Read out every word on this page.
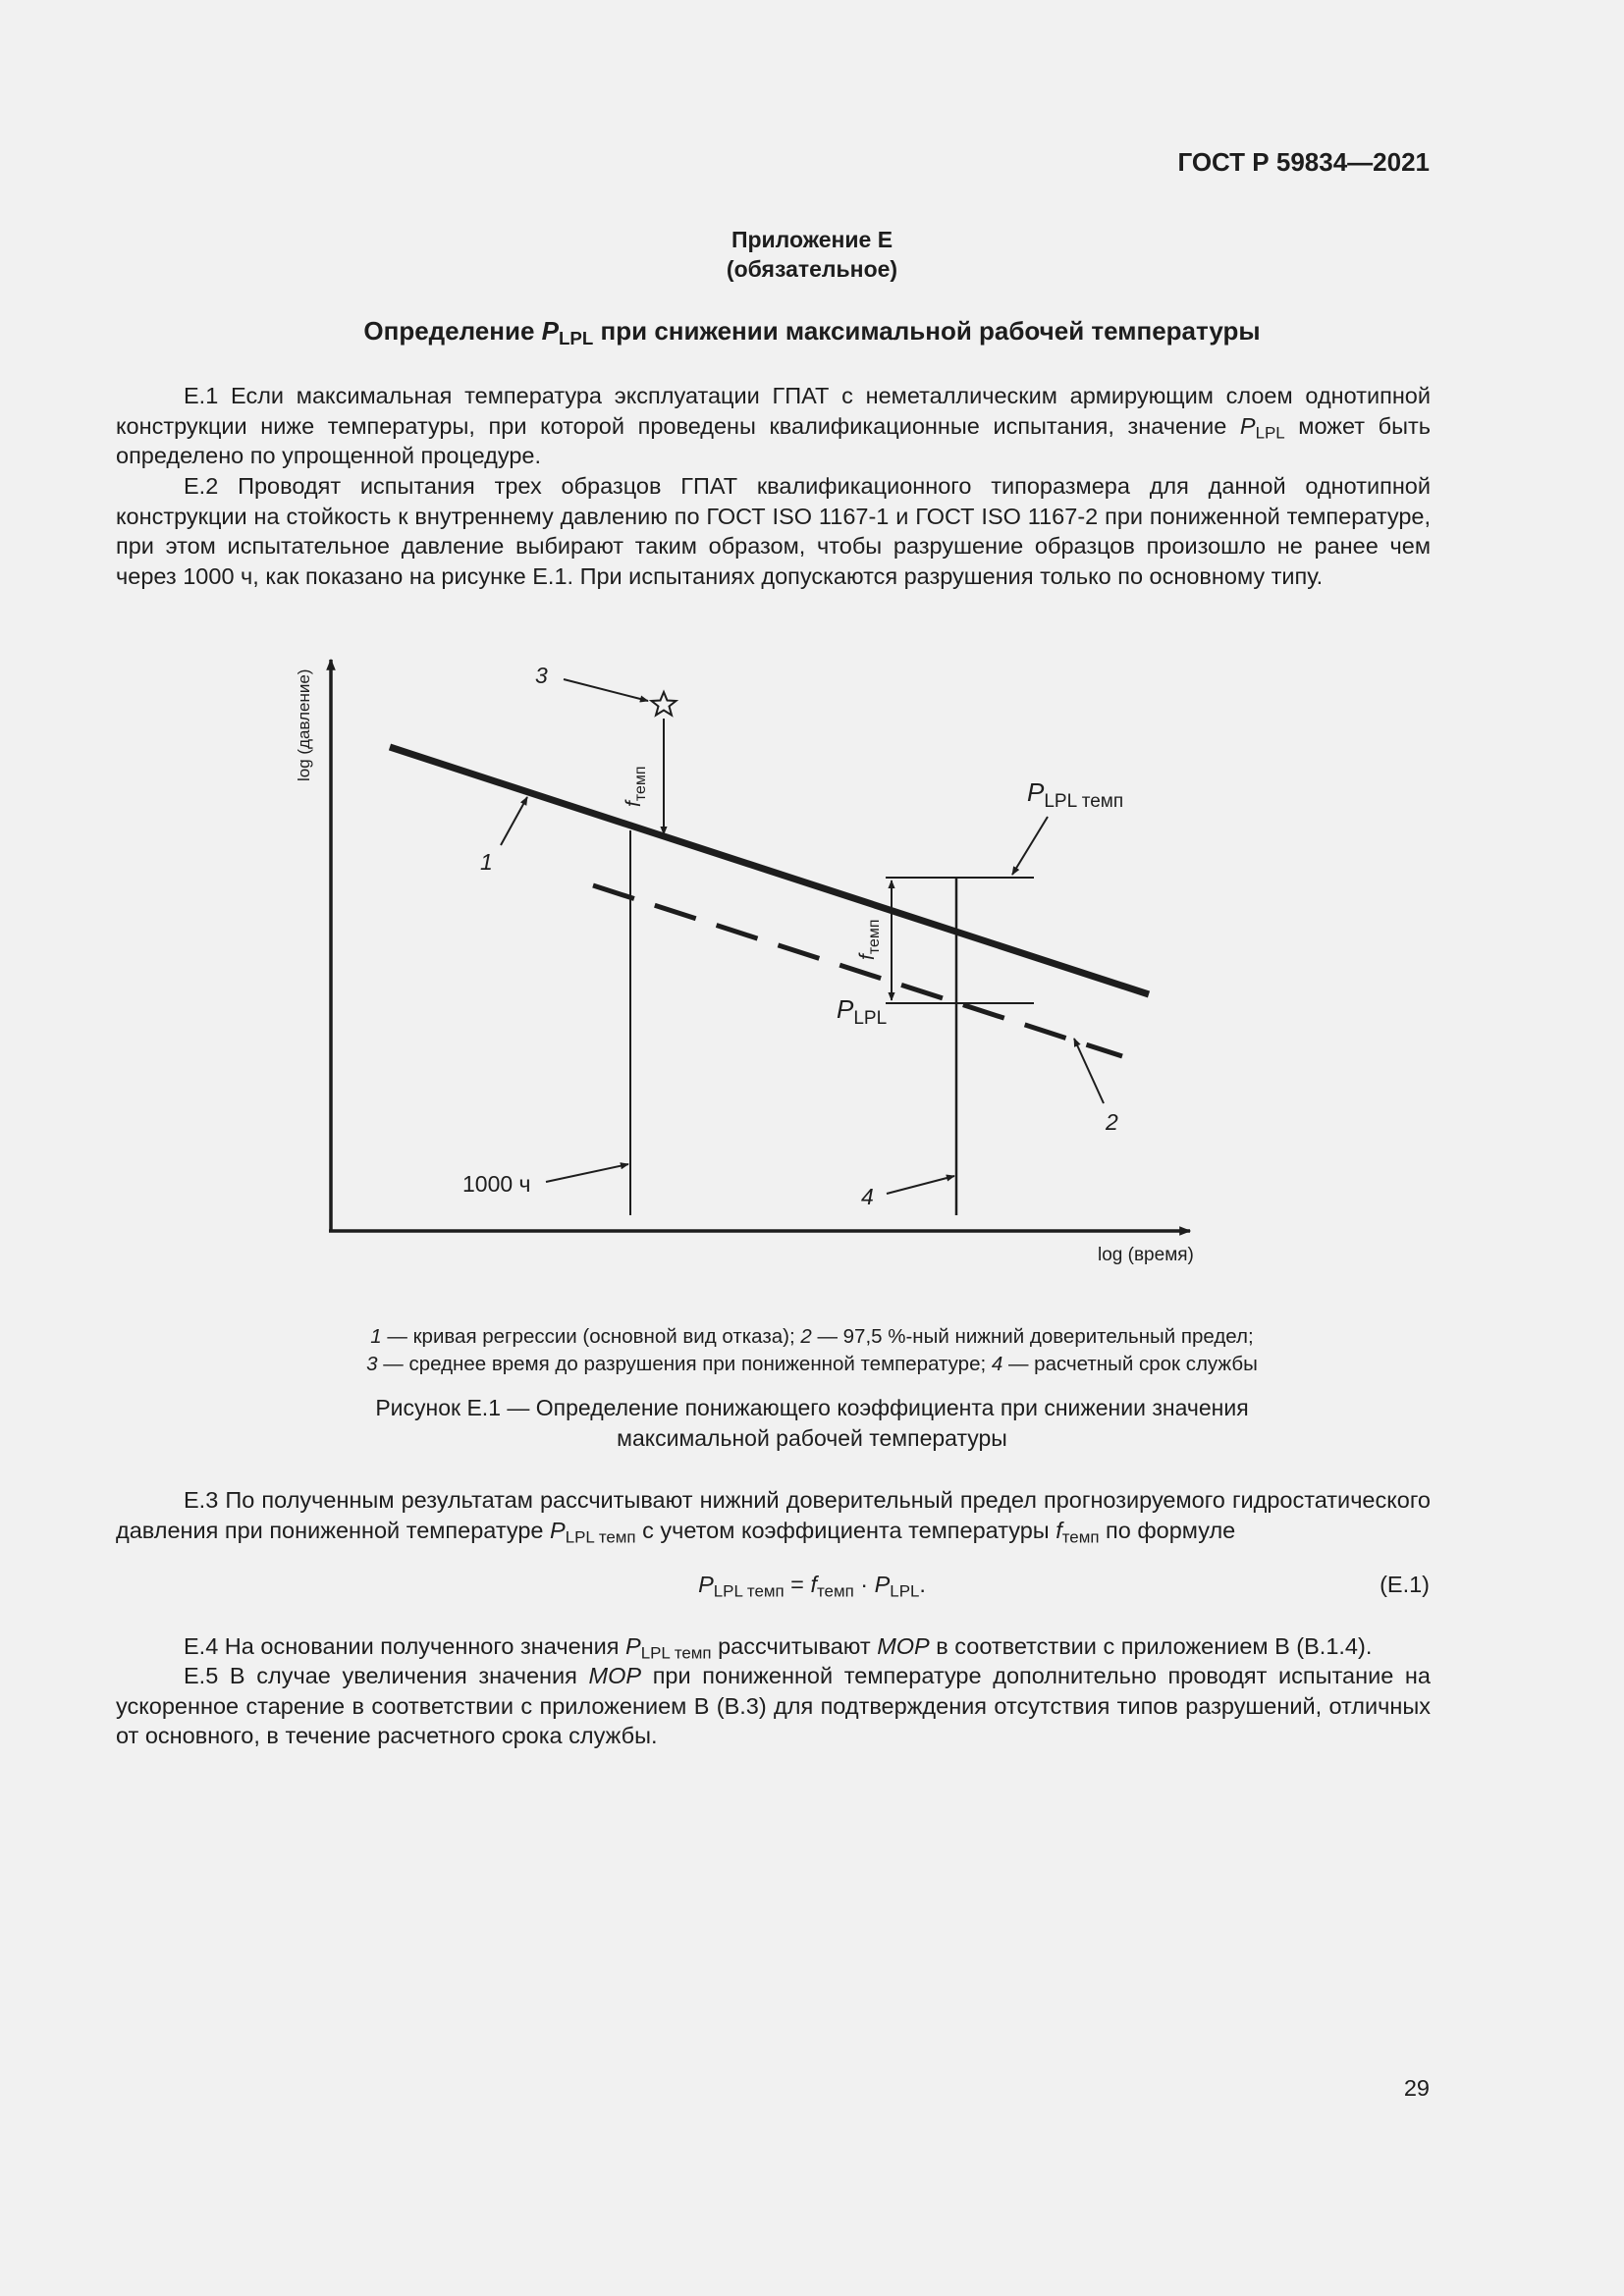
ГОСТ Р 59834—2021
Приложение Е
(обязательное)
Определение $P_{LPL}$ при снижении максимальной рабочей температуры
Е.1 Если максимальная температура эксплуатации ГПАТ с неметаллическим армирующим слоем однотипной конструкции ниже температуры, при которой проведены квалификационные испытания, значение $P_{LPL}$ может быть определено по упрощенной процедуре.
Е.2 Проводят испытания трех образцов ГПАТ квалификационного типоразмера для данной однотипной конструкции на стойкость к внутреннему давлению по ГОСТ ISO 1167-1 и ГОСТ ISO 1167-2 при пониженной температуре, при этом испытательное давление выбирают таким образом, чтобы разрушение образцов произошло не ранее чем через 1000 ч, как показано на рисунке Е.1. При испытаниях допускаются разрушения только по основному типу.
log (давление)
log (время)
$f_{темп}$
$f_{темп}$
3
1
2
4
1000 ч
$P_{LPL темп}$
$P_{LPL}$
1 — кривая регрессии (основной вид отказа); 2 — 97,5 %-ный нижний доверительный предел;
3 — среднее время до разрушения при пониженной температуре; 4 — расчетный срок службы
Рисунок Е.1 — Определение понижающего коэффициента при снижении значения
максимальной рабочей температуры
Е.3 По полученным результатам рассчитывают нижний доверительный предел прогнозируемого гидростатического давления при пониженной температуре $P_{LPL темп}$ с учетом коэффициента температуры $f_{темп}$ по формуле
$P_{LPL темп} = f_{темп} \cdot P_{LPL}$.	(Е.1)
Е.4 На основании полученного значения $P_{LPL темп}$ рассчитывают MOP в соответствии с приложением В (В.1.4).
Е.5 В случае увеличения значения MOP при пониженной температуре дополнительно проводят испытание на ускоренное старение в соответствии с приложением В (В.3) для подтверждения отсутствия типов разрушений, отличных от основного, в течение расчетного срока службы.
29
